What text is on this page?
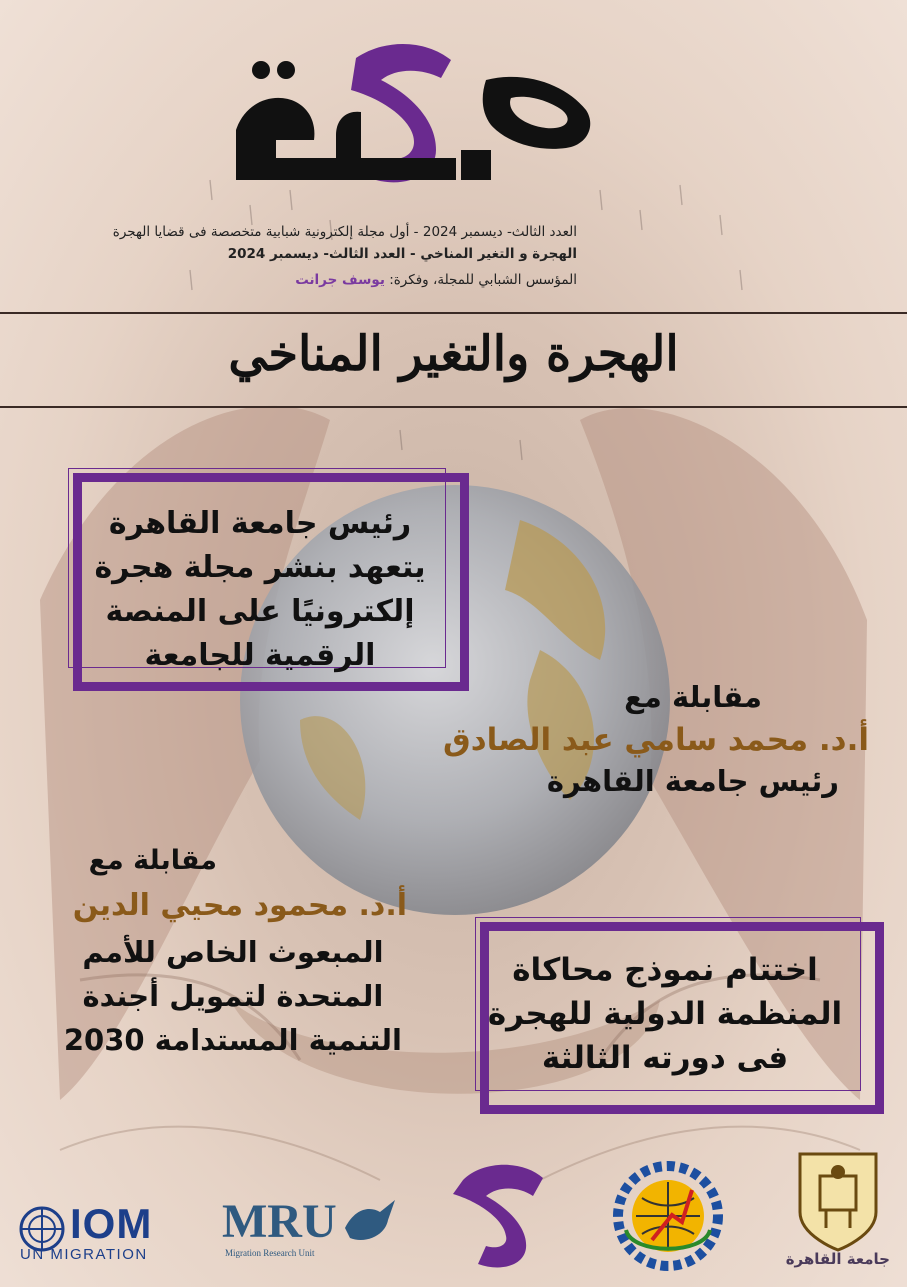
العدد الثالث- ديسمبر 2024 - أول مجلة إلكترونية شبابية متخصصة فى قضايا الهجرة
الهجرة و التغير المناخي - العدد الثالث- ديسمبر 2024
المؤسس الشبابي للمجلة، وفكرة: يوسف جرانت
الهجرة والتغير المناخي
رئيس جامعة القاهرة
يتعهد بنشر مجلة هجرة
إلكترونيًا على المنصة
الرقمية للجامعة
مقابلة مع
أ.د. محمد سامي عبد الصادق
رئيس جامعة القاهرة
مقابلة مع
أ.د. محمود محيي الدين
المبعوث الخاص للأمم
المتحدة لتمويل أجندة
التنمية المستدامة 2030
اختتام نموذج محاكاة
المنظمة الدولية للهجرة
فى دورته الثالثة
IOM
UN MIGRATION
MRU
Migration Research Unit	جامعة القاهرة
